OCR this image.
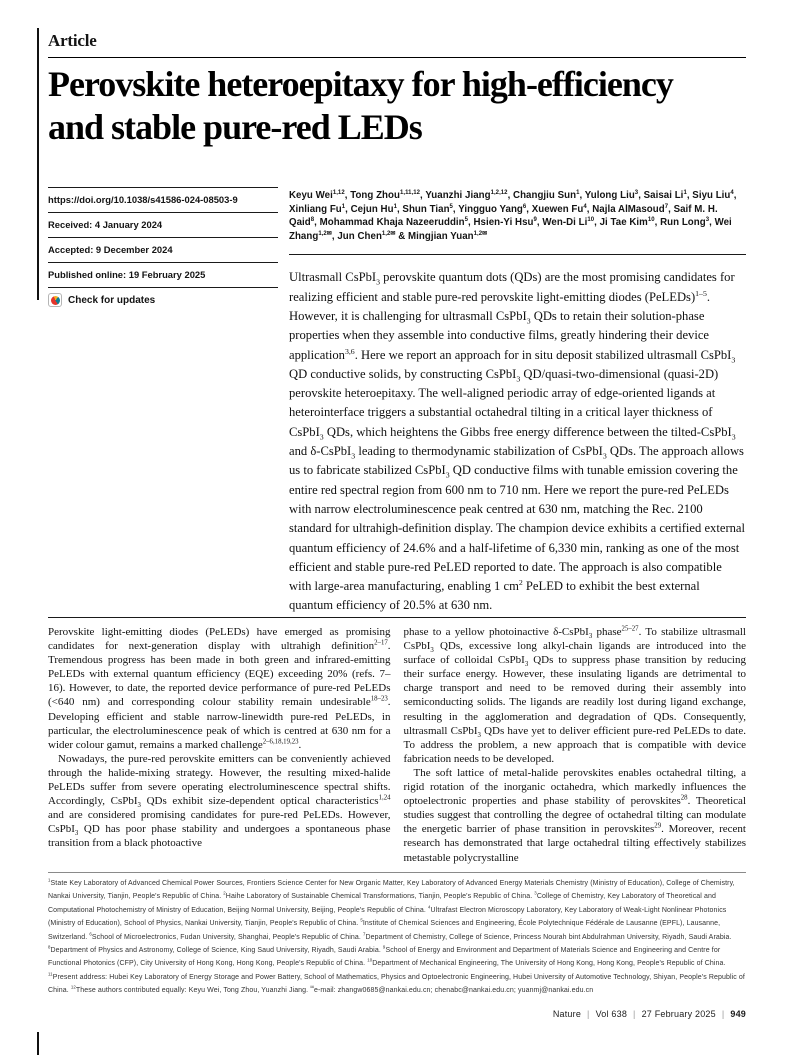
Article
Perovskite heteroepitaxy for high-efficiency
and stable pure-red LEDs
https://doi.org/10.1038/s41586-024-08503-9
Received: 4 January 2024
Accepted: 9 December 2024
Published online: 19 February 2025
Check for updates

Keyu Wei$^{1,12}$, Tong Zhou$^{1,11,12}$, Yuanzhi Jiang$^{1,2,12}$, Changjiu Sun$^1$, Yulong Liu$^3$, Saisai Li$^1$, Siyu Liu$^4$, Xinliang Fu$^1$, Cejun Hu$^1$, Shun Tian$^5$, Yingguo Yang$^6$, Xuewen Fu$^4$, Najla AlMasoud$^7$, Saif M. H. Qaid$^8$, Mohammad Khaja Nazeeruddin$^5$, Hsien-Yi Hsu$^9$, Wen-Di Li$^{10}$, Ji Tae Kim$^{10}$, Run Long$^3$, Wei Zhang$^{1,2✉}$, Jun Chen$^{1,2✉}$ & Mingjian Yuan$^{1,2✉}$

Ultrasmall CsPbI$_3$ perovskite quantum dots (QDs) are the most promising candidates for realizing efficient and stable pure-red perovskite light-emitting diodes (PeLEDs)$^{1-5}$. However, it is challenging for ultrasmall CsPbI$_3$ QDs to retain their solution-phase properties when they assemble into conductive films, greatly hindering their device application$^{3,6}$. Here we report an approach for in situ deposit stabilized ultrasmall CsPbI$_3$ QD conductive solids, by constructing CsPbI$_3$ QD/quasi-two-dimensional (quasi-2D) perovskite heteroepitaxy. The well-aligned periodic array of edge-oriented ligands at heterointerface triggers a substantial octahedral tilting in a critical layer thickness of CsPbI$_3$ QDs, which heightens the Gibbs free energy difference between the tilted-CsPbI$_3$ and δ-CsPbI$_3$ leading to thermodynamic stabilization of CsPbI$_3$ QDs. The approach allows us to fabricate stabilized CsPbI$_3$ QD conductive films with tunable emission covering the entire red spectral region from 600 nm to 710 nm. Here we report the pure-red PeLEDs with narrow electroluminescence peak centred at 630 nm, matching the Rec. 2100 standard for ultrahigh-definition display. The champion device exhibits a certified external quantum efficiency of 24.6% and a half-lifetime of 6,330 min, ranking as one of the most efficient and stable pure-red PeLED reported to date. The approach is also compatible with large-area manufacturing, enabling 1 $cm^2$ PeLED to exhibit the best external quantum efficiency of 20.5% at 630 nm.

Perovskite light-emitting diodes (PeLEDs) have emerged as promising candidates for next-generation display with ultrahigh definition$^{2-17}$. Tremendous progress has been made in both green and infrared-emitting PeLEDs with external quantum efficiency (EQE) exceeding 20% (refs. 7–16). However, to date, the reported device performance of pure-red PeLEDs (<640 nm) and corresponding colour stability remain undesirable$^{18-23}$. Developing efficient and stable narrow-linewidth pure-red PeLEDs, in particular, the electroluminescence peak of which is centred at 630 nm for a wider colour gamut, remains a marked challenge$^{2-6,18,19,23}$.

Nowadays, the pure-red perovskite emitters can be conveniently achieved through the halide-mixing strategy. However, the resulting mixed-halide PeLEDs suffer from severe operating electroluminescence spectral shifts. Accordingly, CsPbI$_3$ QDs exhibit size-dependent optical characteristics$^{1,24}$ and are considered promising candidates for pure-red PeLEDs. However, CsPbI$_3$ QD has poor phase stability and undergoes a spontaneous phase transition from a black photoactive

phase to a yellow photoinactive δ-CsPbI$_3$ phase$^{25-27}$. To stabilize ultrasmall CsPbI$_3$ QDs, excessive long alkyl-chain ligands are introduced into the surface of colloidal CsPbI$_3$ QDs to suppress phase transition by reducing their surface energy. However, these insulating ligands are detrimental to charge transport and need to be removed during their assembly into semiconducting solids. The ligands are readily lost during ligand exchange, resulting in the agglomeration and degradation of QDs. Consequently, ultrasmall CsPbI$_3$ QDs have yet to deliver efficient pure-red PeLEDs to date. To address the problem, a new approach that is compatible with device fabrication needs to be developed.

The soft lattice of metal-halide perovskites enables octahedral tilting, a rigid rotation of the inorganic octahedra, which markedly influences the optoelectronic properties and phase stability of perovskites$^{28}$. Theoretical studies suggest that controlling the degree of octahedral tilting can modulate the energetic barrier of phase transition in perovskites$^{29}$. Moreover, recent research has demonstrated that large octahedral tilting effectively stabilizes metastable polycrystalline

$^1$State Key Laboratory of Advanced Chemical Power Sources, Frontiers Science Center for New Organic Matter, Key Laboratory of Advanced Energy Materials Chemistry (Ministry of Education), College of Chemistry, Nankai University, Tianjin, People's Republic of China. $^2$Haihe Laboratory of Sustainable Chemical Transformations, Tianjin, People's Republic of China. $^3$College of Chemistry, Key Laboratory of Theoretical and Computational Photochemistry of Ministry of Education, Beijing Normal University, Beijing, People's Republic of China. $^4$Ultrafast Electron Microscopy Laboratory, Key Laboratory of Weak-Light Nonlinear Photonics (Ministry of Education), School of Physics, Nankai University, Tianjin, People's Republic of China. $^5$Institute of Chemical Sciences and Engineering, École Polytechnique Fédérale de Lausanne (EPFL), Lausanne, Switzerland. $^6$School of Microelectronics, Fudan University, Shanghai, People's Republic of China. $^7$Department of Chemistry, College of Science, Princess Nourah bint Abdulrahman University, Riyadh, Saudi Arabia. $^8$Department of Physics and Astronomy, College of Science, King Saud University, Riyadh, Saudi Arabia. $^9$School of Energy and Environment and Department of Materials Science and Engineering and Centre for Functional Photonics (CFP), City University of Hong Kong, Hong Kong, People's Republic of China. $^{10}$Department of Mechanical Engineering, The University of Hong Kong, Hong Kong, People's Republic of China. $^{11}$Present address: Hubei Key Laboratory of Energy Storage and Power Battery, School of Mathematics, Physics and Optoelectronic Engineering, Hubei University of Automotive Technology, Shiyan, People's Republic of China. $^{12}$These authors contributed equally: Keyu Wei, Tong Zhou, Yuanzhi Jiang. ✉e-mail: zhangw0685@nankai.edu.cn; chenabc@nankai.edu.cn; yuanmj@nankai.edu.cn
Nature | Vol 638 | 27 February 2025 | 949
